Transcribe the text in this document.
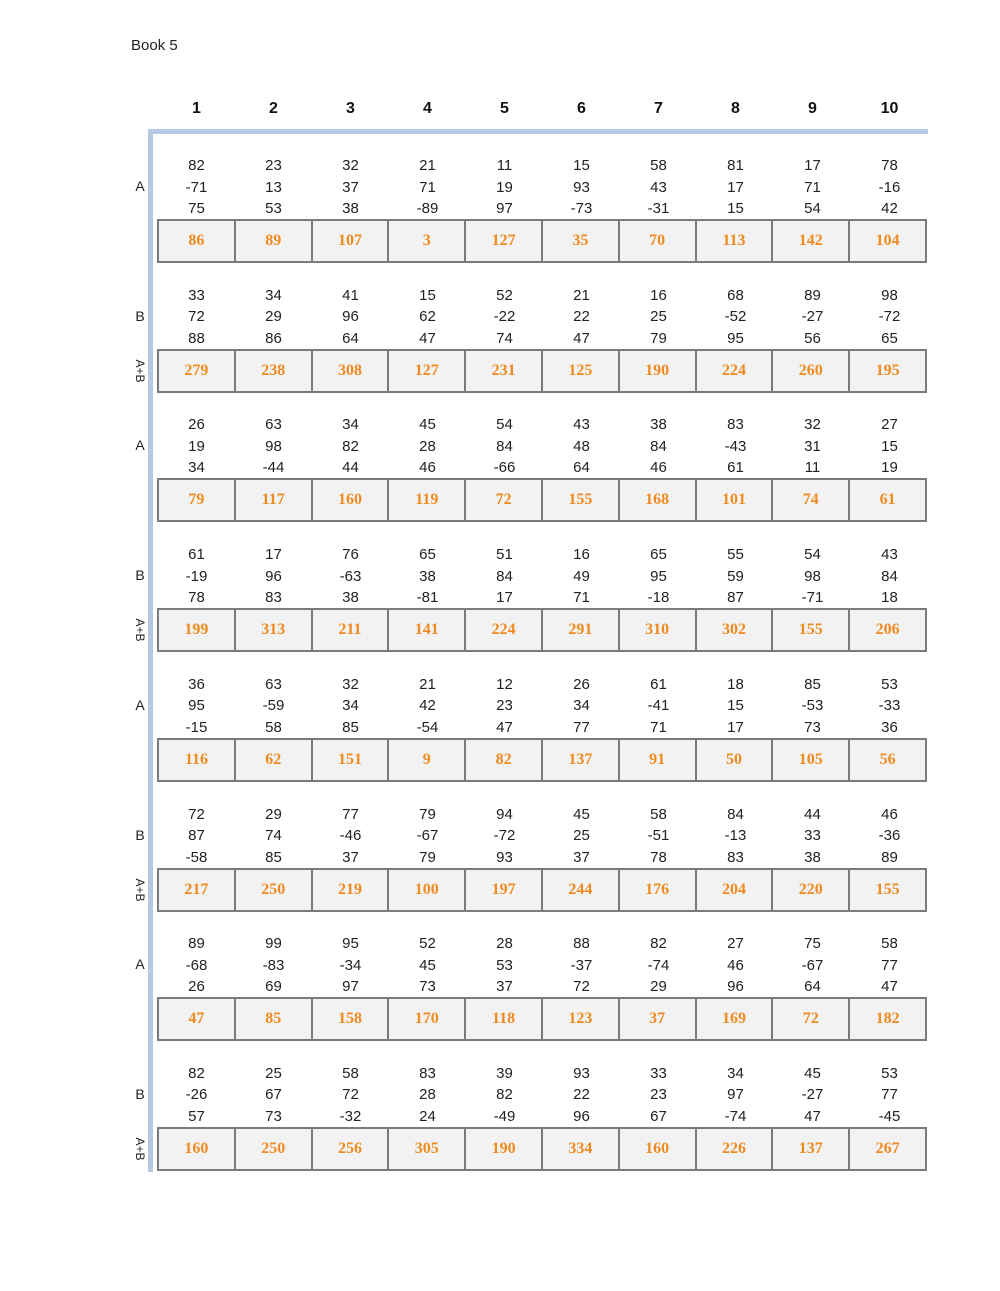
Book 5
1	2	3	4	5	6	7	8	9	10
A
82	23	32	21	11	15	58	81	17	78
-71	13	37	71	19	93	43	17	71	-16
75	53	38	-89	97	-73	-31	15	54	42
86	89	107	3	127	35	70	113	142	104
B
33	34	41	15	52	21	16	68	89	98
72	29	96	62	-22	22	25	-52	-27	-72
88	86	64	47	74	47	79	95	56	65
279	238	308	127	231	125	190	224	260	195
A+B
A
26	63	34	45	54	43	38	83	32	27
19	98	82	28	84	48	84	-43	31	15
34	-44	44	46	-66	64	46	61	11	19
79	117	160	119	72	155	168	101	74	61
B
61	17	76	65	51	16	65	55	54	43
-19	96	-63	38	84	49	95	59	98	84
78	83	38	-81	17	71	-18	87	-71	18
199	313	211	141	224	291	310	302	155	206
A+B
A
36	63	32	21	12	26	61	18	85	53
95	-59	34	42	23	34	-41	15	-53	-33
-15	58	85	-54	47	77	71	17	73	36
116	62	151	9	82	137	91	50	105	56
B
72	29	77	79	94	45	58	84	44	46
87	74	-46	-67	-72	25	-51	-13	33	-36
-58	85	37	79	93	37	78	83	38	89
217	250	219	100	197	244	176	204	220	155
A+B
A
89	99	95	52	28	88	82	27	75	58
-68	-83	-34	45	53	-37	-74	46	-67	77
26	69	97	73	37	72	29	96	64	47
47	85	158	170	118	123	37	169	72	182
B
82	25	58	83	39	93	33	34	45	53
-26	67	72	28	82	22	23	97	-27	77
57	73	-32	24	-49	96	67	-74	47	-45
160	250	256	305	190	334	160	226	137	267
A+B
